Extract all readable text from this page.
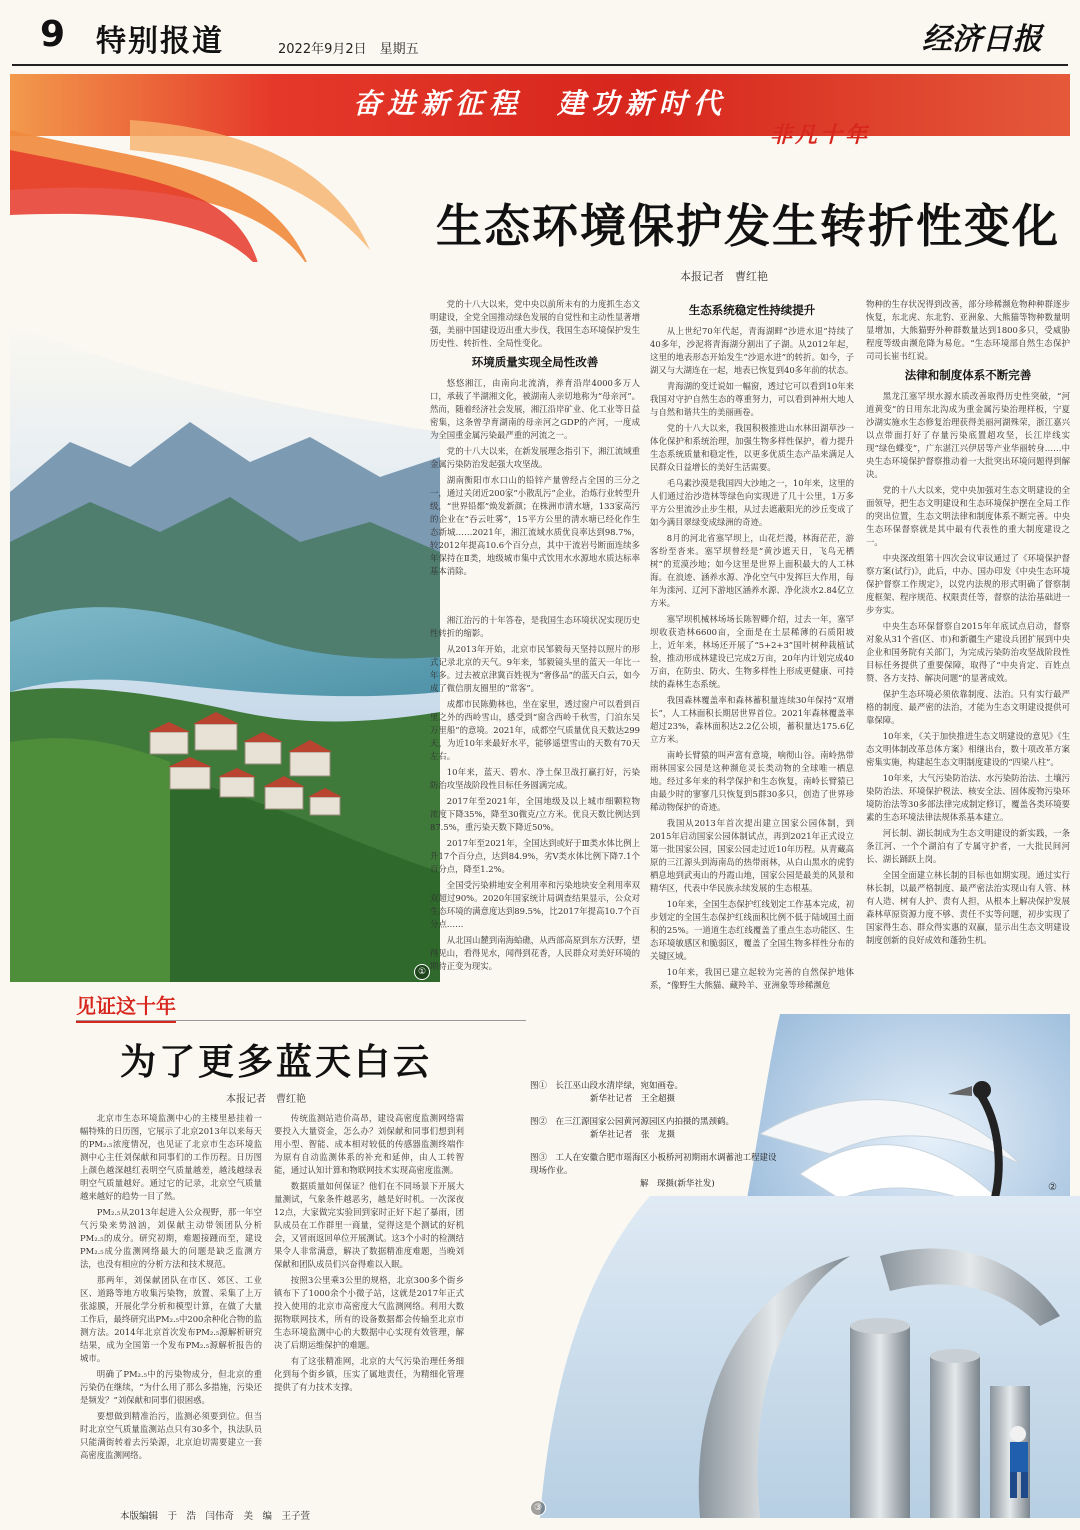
9 特别报道	2022年9月2日　星期五	经济日报
奋进新征程　建功新时代
非凡十年
生态环境保护发生转折性变化
本报记者　曹红艳
①

党的十八大以来，党中央以前所未有的力度抓生态文明建设，全党全国推动绿色发展的自觉性和主动性显著增强，美丽中国建设迈出重大步伐，我国生态环境保护发生历史性、转折性、全局性变化。

环境质量实现全局性改善

悠悠湘江，由南向北流淌，养育沿岸4000多万人口，承载了半湖湘文化，被湖南人亲切地称为“母亲河”。然而，随着经济社会发展，湘江沿岸矿业、化工业等日益密集，这条曾孕育湖南的母亲河之GDP的产河，一度成为全国重金属污染最严重的河流之一。

党的十八大以来，在新发展理念指引下，湘江流域重金属污染防治发起强大攻坚战。

湖南衡阳市水口山的铅锌产量曾经占全国的三分之一，通过关闭近200家“小散乱污”企业，治炼行业转型升级，“世界铅都”焕发新颜；在株洲市清水塘，133家高污的企业在“吞云吐雾”，15平方公里的清水塘已经化作生态新城……2021年，湘江流域水质优良率达到98.7%，较2012年提高10.6个百分点，其中干流岩号断面连续多年保持在Ⅱ类，地级城市集中式饮用水水源地水质达标率基本消除。

湘江治污的十年答卷，是我国生态环境状况实现历史性转折的缩影。

从2013年开始，北京市民邹毅每天坚持以照片的形式记录北京的天气。9年来，邹毅镜头里的蓝天一年比一年多。过去被京津冀百姓视为“奢侈品”的蓝天白云，如今成了微信朋友圈里的“常客”。

成都市民陈勤林也，坐在家里，透过窗户可以看到百里之外的西岭雪山，感受到“窗含西岭千秋雪，门泊东吴万里船”的意境。2021年，成都空气质量优良天数达299天，为近10年来最好水平，能够遥望雪山的天数有70天左右。

10年来，蓝天、碧水、净土保卫战打赢打好，污染防治攻坚战阶段性目标任务圆满完成。

2017年至2021年，全国地级及以上城市细颗粒物浓度下降35%，降至30微克/立方米。优良天数比例达到87.5%，重污染天数下降近50%。

2017年至2021年，全国达到或好于Ⅲ类水体比例上升17个百分点，达到84.9%，劣Ⅴ类水体比例下降7.1个百分点，降至1.2%。

全国受污染耕地安全利用率和污染地块安全利用率双双超过90%。2020年国家统计局调查结果显示，公众对生态环境的满意度达到89.5%，比2017年提高10.7个百分点……

从北国山麓到南海蛤礁，从西部高原到东方沃野，望得见山，看得见水，闻得到花香，人民群众对美好环境的期待正变为现实。

生态系统稳定性持续提升

从上世纪70年代起，青海湖畔“沙进水退”持续了40多年，沙泥将青海湖分割出了子湖。从2012年起，这里的地表形态开始发生“沙退水进”的转折。如今，子湖又与大湖连在一起，地表已恢复到40多年前的状态。

青海湖的变迁说如一幅窗，透过它可以看到10年来我国对守护自然生态的尊重努力，可以看到神州大地人与自然和谐共生的美丽画卷。

党的十八大以来，我国积极推进山水林田湖草沙一体化保护和系统治理，加强生物多样性保护，着力提升生态系统质量和稳定性，以更多优质生态产品来满足人民群众日益增长的美好生活需要。

毛乌素沙漠是我国四大沙地之一，10年来，这里的人们通过治沙造林等绿色向实现进了几十公里，1万多平方公里流沙止步生根，从过去遮蔽阳光的沙丘变成了如今满目翠绿变成绿洲的奇迹。

8月的河北省塞罕坝上，山花烂漫，林海茫茫，游客纷至沓来。塞罕坝曾经是“黄沙遮天日，飞鸟无栖树”的荒漠沙地；如今这里是世界上面积最大的人工林海。在浪迹、涵养水源、净化空气中发挥巨大作用，每年为滦河、辽河下游地区涵养水源、净化淡水2.84亿立方米。

塞罕坝机械林场场长陈智卿介绍，过去一年，塞罕坝收获造林6600亩，全面是在土层稀薄的石质阳坡上，近年来，林场还开展了“5+2+3”国叶树种栽植试验，推动形成林建设已完成2万亩，20年内计划完成40万亩，在防虫、防火、生物多样性上形成更健康、可持续的森林生态系统。

我国森林覆盖率和森林蓄积量连续30年保持“双增长”，人工林面积长期居世界首位。2021年森林覆盖率超过23%，森林面积达2.2亿公顷，蓄积量达175.6亿立方米。

南岭长臂猿的叫声富有意境，响彻山谷。南岭热带雨林国家公园是这种濒危灵长类动物的全球唯一栖息地。经过多年来的科学保护和生态恢复，南岭长臂猿已由最少时的寥寥几只恢复到5群30多只，创造了世界珍稀动物保护的奇迹。

我国从2013年首次提出建立国家公园体制，到2015年启动国家公园体制试点，再到2021年正式设立第一批国家公园，国家公园走过近10年历程。从青藏高原的三江源头到海南岛的热带雨林，从白山黑水的虎豹栖息地到武夷山的丹霞山地，国家公园是最美的风景和精华区，代表中华民族永续发展的生态根基。

10年来，全国生态保护红线划定工作基本完成，初步划定的全国生态保护红线面积比例不低于陆域国土面积的25%。一道道生态红线覆盖了重点生态功能区、生态环境敏感区和脆弱区，覆盖了全国生物多样性分布的关键区域。

10年来，我国已建立起较为完善的自然保护地体系，“像野生大熊猫、藏羚羊、亚洲象等珍稀濒危

物种的生存状况得到改善，部分珍稀濒危物种种群逐步恢复，东北虎、东北豹、亚洲象、大熊猫等物种数量明显增加，大熊猫野外种群数量达到1800多只，受威胁程度等级由濒危降为易危。“生态环境部自然生态保护司司长崔书红说。

法律和制度体系不断完善

黑龙江塞罕坝水源水质改善取得历史性突破，“河道黄变”的日用东北沟成为重金属污染治理样板，宁夏沙湖实施水生态修复治理获得美丽河湖殊荣，浙江嘉兴以点带面打好了存量污染底置超攻坚，长江岸线实现“绿色蝶变”，广东湛江兴伊居等产业华丽转身……中央生态环境保护督察推动着一大批突出环境问题得到解决。

党的十八大以来，党中央加强对生态文明建设的全面领导，把生态文明建设和生态环境保护摆在全局工作的突出位置，生态文明法律和制度体系不断完善。中央生态环保督察就是其中最有代表性的重大制度建设之一。

中央深改组第十四次会议审议通过了《环境保护督察方案(试行)》，此后，中办、国办印发《中央生态环境保护督察工作规定》，以党内法规的形式明确了督察制度框架、程序规范、权限责任等，督察的法治基础进一步夯实。

中央生态环保督察自2015年年底试点启动，督察对象从31个省(区、市)和新疆生产建设兵团扩展到中央企业和国务院有关部门，为完成污染防治攻坚战阶段性目标任务提供了重要保障，取得了“中央肯定、百姓点赞、各方支持、解决问题”的显著成效。

保护生态环境必须依靠制度、法治。只有实行最严格的制度、最严密的法治，才能为生态文明建设提供可靠保障。

10年来，《关于加快推进生态文明建设的意见》《生态文明体制改革总体方案》相继出台，数十项改革方案密集实施，构建起生态文明制度建设的“四梁八柱”。

10年来，大气污染防治法、水污染防治法、土壤污染防治法、环境保护税法、核安全法、固体废物污染环境防治法等30多部法律完成制定修订，覆盖各类环境要素的生态环境法律法规体系基本建立。

河长制、湖长制成为生态文明建设的新实践，一条条江河、一个个湖泊有了专属守护者，一大批民间河长、湖长踊跃上岗。

全国全面建立林长制的目标也如期实现。通过实行林长制，以最严格制度、最严密法治实现山有人管、林有人造、树有人护、责有人担，从根本上解决保护发展森林草原资源力度不够、责任不实等问题，初步实现了国家得生态、群众得实惠的双赢，显示出生态文明建设制度创新的良好成效和蓬勃生机。

见证这十年
为了更多蓝天白云
本报记者　曹红艳

北京市生态环境监测中心的主楼里悬挂着一幅特殊的日历图，它展示了北京2013年以来每天的PM₂.₅浓度情况，也见证了北京市生态环境监测中心主任刘保献和同事们的工作历程。日历图上颜色越深越红表明空气质量越差，越浅越绿表明空气质量越好。通过它的记录，北京空气质量越来越好的趋势一目了然。

PM₂.₅从2013年起进入公众视野，那一年空气污染来势汹汹，刘保献主动带领团队分析PM₂.₅的成分。研究初期，难题接踵而至，建设PM₂.₅成分监测网络最大的问题是缺乏监测方法，也没有相应的分析方法和技术规范。

那两年，刘保献团队在市区、郊区、工业区、道路等地方收集污染物，放置、采集了上万张滤膜，开展化学分析和模型计算，在做了大量工作后，最终研究出PM₂.₅中200余种化合物的监测方法。2014年北京首次发布PM₂.₅源解析研究结果，成为全国第一个发布PM₂.₅源解析报告的城市。

明确了PM₂.₅中的污染物成分，但北京的重污染仍在继续，“为什么用了那么多措施，污染还是频发？”刘保献和同事们很困惑。

要想做到精准治污，监测必须要到位。但当时北京空气质量监测站点只有30多个，执法队员只能满街转着去污染源，北京迫切需要建立一套高密度监测网络。

传统监测站造价高昂，建设高密度监测网络需要投入大量资金，怎么办？刘保献和同事们想到利用小型、智能、成本相对较低的传感器监测终端作为原有自动监测体系的补充和延伸，由人工转智能，通过认知计算和物联网技术实现高密度监测。

数据质量如何保证？他们在不同场景下开展大量测试，气象条件越恶劣，越是好时机。一次深夜12点，大家做完实验回到家时正好下起了暴雨，团队成员在工作群里一商量，觉得这是个测试的好机会，又冒雨返回单位开展测试。这3个小时的检测结果令人非常满意，解决了数据精准度难题，当晚刘保献和团队成员们兴奋得难以入眠。

按照3公里乘3公里的规格，北京300多个街乡镇布下了1000余个小微子站，这就是2017年正式投入使用的北京市高密度大气监测网络。利用大数据物联网技术，所有的设备数据都会传输至北京市生态环境监测中心的大数据中心实现有效管理，解决了后期运维保护的难题。

有了这张精准网，北京的大气污染治理任务细化到每个街乡镇，压实了属地责任，为精细化管理提供了有力技术支撑。

②
③
图①　长江巫山段水清岸绿，宛如画卷。
新华社记者　王全超摄
图②　在三江源国家公园黄河源园区内拍摄的黑颈鹤。
新华社记者　张　龙摄
图③　工人在安徽合肥市瑶海区小板桥河初期雨水调蓄池工程建设现场作业。
解　琛摄(新华社发)
本版编辑　于　浩　闫伟奇　美　编　王子萱
